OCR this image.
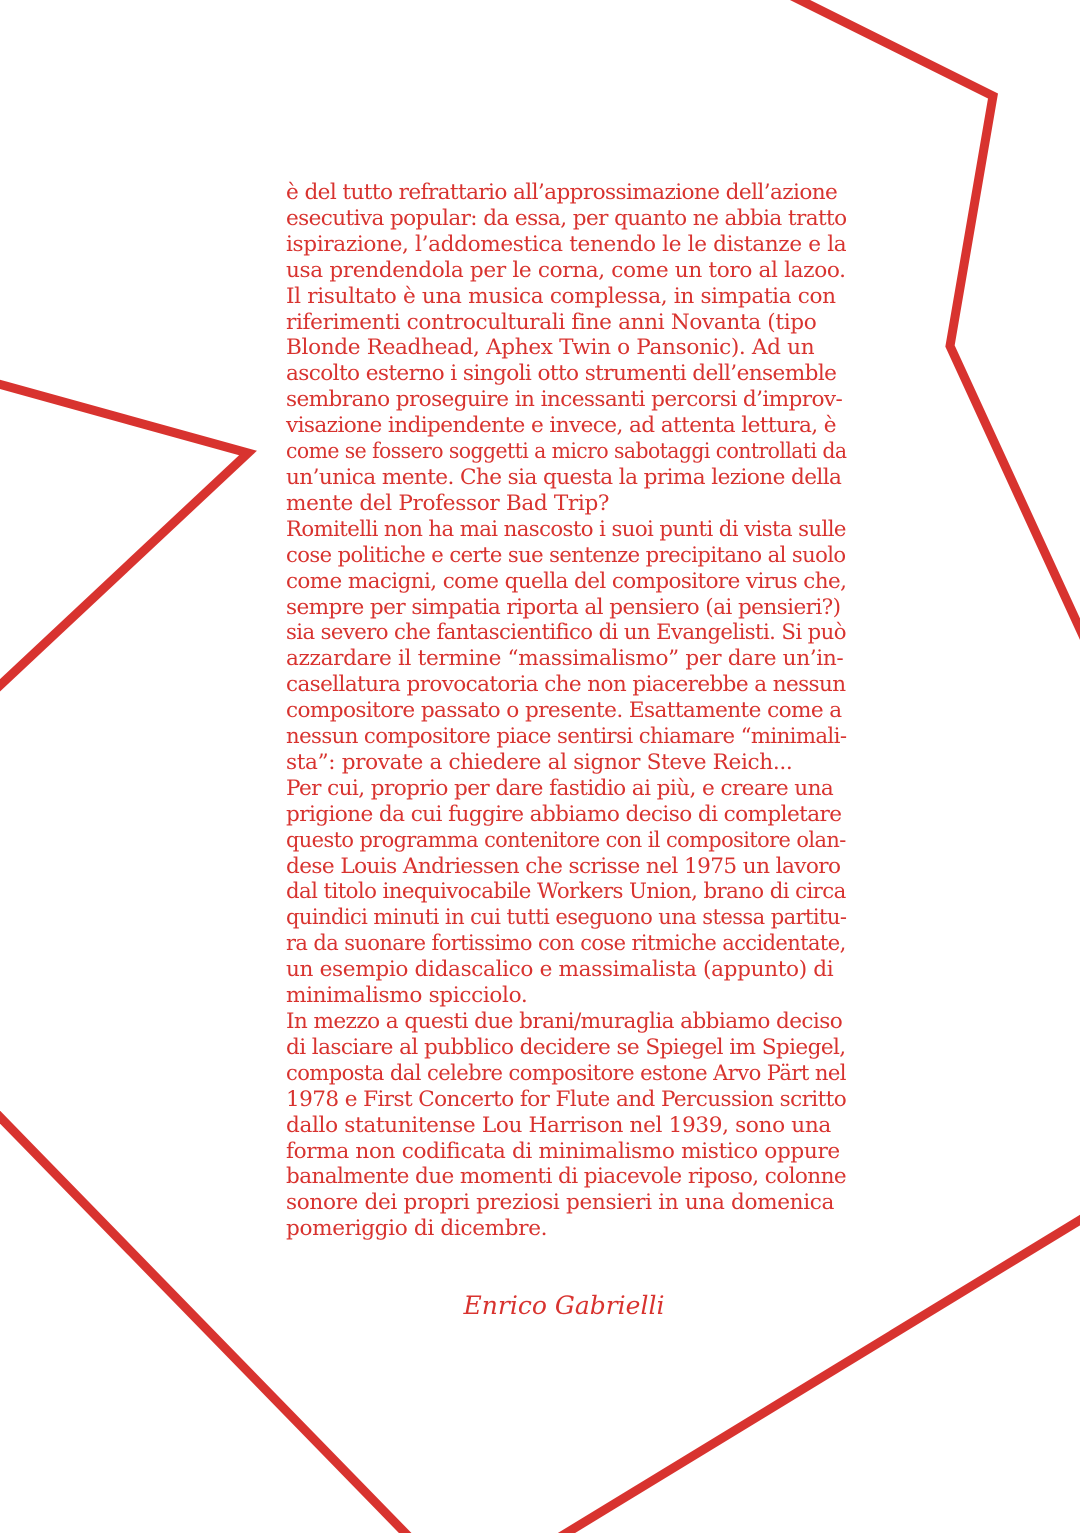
è del tutto refrattario all’approssimazione dell’azione
esecutiva popular: da essa, per quanto ne abbia tratto
ispirazione, l’addomestica tenendo le le distanze e la
usa prendendola per le corna, come un toro al lazoo.
Il risultato è una musica complessa, in simpatia con
riferimenti controculturali fine anni Novanta (tipo
Blonde Readhead, Aphex Twin o Pansonic). Ad un
ascolto esterno i singoli otto strumenti dell’ensemble
sembrano proseguire in incessanti percorsi d’improv-
visazione indipendente e invece, ad attenta lettura, è
come se fossero soggetti a micro sabotaggi controllati da
un’unica mente. Che sia questa la prima lezione della
mente del Professor Bad Trip?
Romitelli non ha mai nascosto i suoi punti di vista sulle
cose politiche e certe sue sentenze precipitano al suolo
come macigni, come quella del compositore virus che,
sempre per simpatia riporta al pensiero (ai pensieri?)
sia severo che fantascientifico di un Evangelisti. Si può
azzardare il termine “massimalismo” per dare un’in-
casellatura provocatoria che non piacerebbe a nessun
compositore passato o presente. Esattamente come a
nessun compositore piace sentirsi chiamare “minimali-
sta”: provate a chiedere al signor Steve Reich...
Per cui, proprio per dare fastidio ai più, e creare una
prigione da cui fuggire abbiamo deciso di completare
questo programma contenitore con il compositore olan-
dese Louis Andriessen che scrisse nel 1975 un lavoro
dal titolo inequivocabile Workers Union, brano di circa
quindici minuti in cui tutti eseguono una stessa partitu-
ra da suonare fortissimo con cose ritmiche accidentate,
un esempio didascalico e massimalista (appunto) di
minimalismo spicciolo.
In mezzo a questi due brani/muraglia abbiamo deciso
di lasciare al pubblico decidere se Spiegel im Spiegel,
composta dal celebre compositore estone Arvo Pärt nel
1978 e First Concerto for Flute and Percussion scritto
dallo statunitense Lou Harrison nel 1939, sono una
forma non codificata di minimalismo mistico oppure
banalmente due momenti di piacevole riposo, colonne
sonore dei propri preziosi pensieri in una domenica
pomeriggio di dicembre.
Enrico Gabrielli
